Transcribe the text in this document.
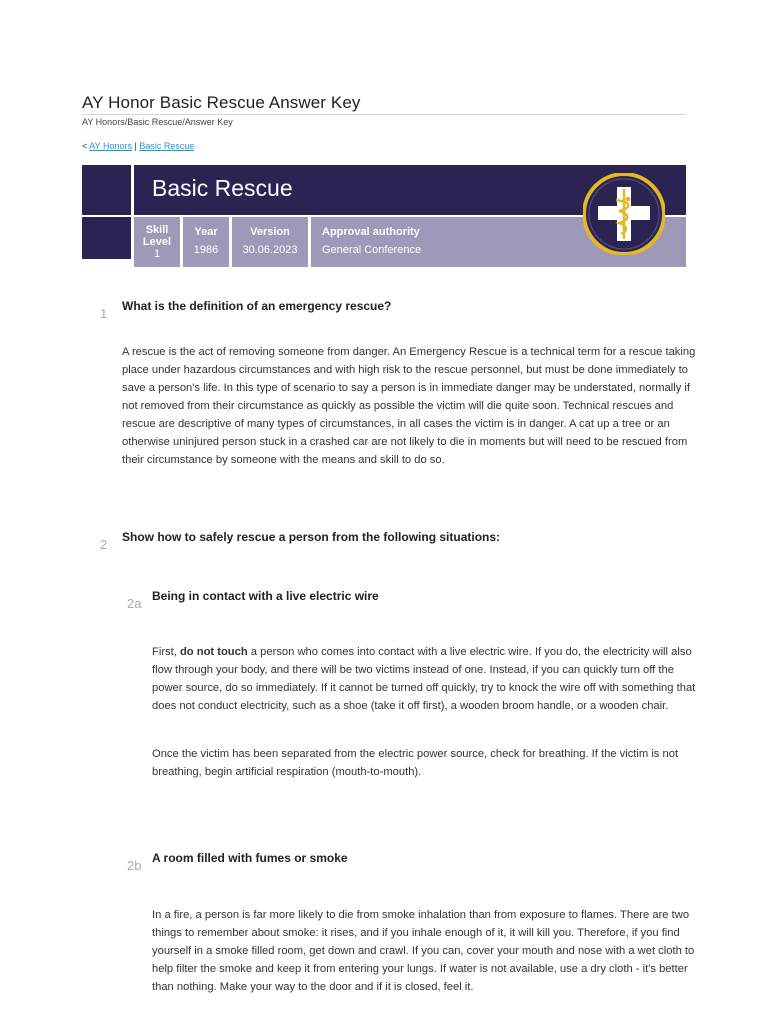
AY Honor Basic Rescue Answer Key
AY Honors/Basic Rescue/Answer Key
< AY Honors | Basic Rescue
Basic Rescue
Skill Level
1
Year
1986
Version
30.06.2023
Approval authority
General Conference
1 What is the definition of an emergency rescue?

A rescue is the act of removing someone from danger. An Emergency Rescue is a technical term for a rescue taking place under hazardous circumstances and with high risk to the rescue personnel, but must be done immediately to save a person's life. In this type of scenario to say a person is in immediate danger may be understated, normally if not removed from their circumstance as quickly as possible the victim will die quite soon. Technical rescues and rescue are descriptive of many types of circumstances, in all cases the victim is in danger. A cat up a tree or an otherwise uninjured person stuck in a crashed car are not likely to die in moments but will need to be rescued from their circumstance by someone with the means and skill to do so.

2 Show how to safely rescue a person from the following situations:

2a Being in contact with a live electric wire

First, do not touch a person who comes into contact with a live electric wire. If you do, the electricity will also flow through your body, and there will be two victims instead of one. Instead, if you can quickly turn off the power source, do so immediately. If it cannot be turned off quickly, try to knock the wire off with something that does not conduct electricity, such as a shoe (take it off first), a wooden broom handle, or a wooden chair.

Once the victim has been separated from the electric power source, check for breathing. If the victim is not breathing, begin artificial respiration (mouth-to-mouth).

2b A room filled with fumes or smoke

In a fire, a person is far more likely to die from smoke inhalation than from exposure to flames. There are two things to remember about smoke: it rises, and if you inhale enough of it, it will kill you. Therefore, if you find yourself in a smoke filled room, get down and crawl. If you can, cover your mouth and nose with a wet cloth to help filter the smoke and keep it from entering your lungs. If water is not available, use a dry cloth - it's better than nothing. Make your way to the door and if it is closed, feel it.
